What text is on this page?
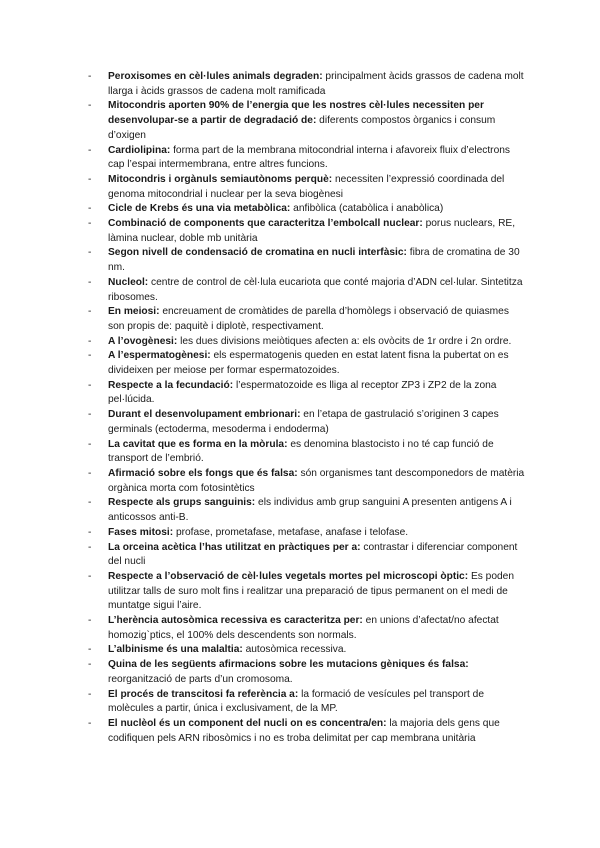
- Peroxisomes en cèl·lules animals degraden: principalment àcids grassos de cadena molt llarga i àcids grassos de cadena molt ramificada

- Mitocondris aporten 90% de l’energia que les nostres cèl·lules necessiten per desenvolupar-se a partir de degradació de: diferents compostos òrganics i consum d’oxigen

- Cardiolipina: forma part de la membrana mitocondrial interna i afavoreix fluix d’electrons cap l’espai intermembrana, entre altres funcions.

- Mitocondris i orgànuls semiautònoms perquè: necessiten l’expressió coordinada del genoma mitocondrial i nuclear per la seva biogènesi

- Cicle de Krebs és una via metabòlica: anfibòlica (catabòlica i anabòlica)

- Combinació de components que caracteritza l’embolcall nuclear: porus nuclears, RE, làmina nuclear, doble mb unitària

- Segon nivell de condensació de cromatina en nucli interfàsic: fibra de cromatina de 30 nm.

- Nucleol: centre de control de cèl·lula eucariota que conté majoria d’ADN cel·lular. Sintetitza ribosomes.

- En meiosi: encreuament de cromàtides de parella d’homòlegs i observació de quiasmes son propis de: paquitè i diplotè, respectivament.

- A l’ovogènesi: les dues divisions meiòtiques afecten a: els ovòcits de 1r ordre i 2n ordre.

- A l’espermatogènesi: els espermatogenis queden en estat latent fisna la pubertat on es divideixen per meiose per formar espermatozoides.

- Respecte a la fecundació: l’espermatozoide es lliga al receptor ZP3 i ZP2 de la zona pel·lúcida.

- Durant el desenvolupament embrionari: en l’etapa de gastrulació s’originen 3 capes germinals (ectoderma, mesoderma i endoderma)

- La cavitat que es forma en la mòrula: es denomina blastocisto i no té cap funció de transport de l’embrió.

- Afirmació sobre els fongs que és falsa: són organismes tant descomponedors de matèria orgànica morta com fotosintètics

- Respecte als grups sanguinis: els individus amb grup sanguini A presenten antigens A i anticossos anti-B.

- Fases mitosi: profase, prometafase, metafase, anafase i telofase.

- La orceina acètica l’has utilitzat en pràctiques per a: contrastar i diferenciar component del nucli

- Respecte a l’observació de cèl·lules vegetals mortes pel microscopi òptic: Es poden utilitzar talls de suro molt fins i realitzar una preparació de tipus permanent on el medi de muntatge sigui l’aire.

- L’herència autosòmica recessiva es caracteritza per: en unions d’afectat/no afectat homozig`ptics, el 100% dels descendents son normals.

- L’albinisme és una malaltia: autosòmica recessiva.

- Quina de les següents afirmacions sobre les mutacions gèniques és falsa: reorganització de parts d’un cromosoma.

- El procés de transcitosi fa referència a: la formació de vesícules pel transport de molècules a partir, única i exclusivament, de la MP.

- El nuclèol és un component del nucli on es concentra/en: la majoria dels gens que codifiquen pels ARN ribosòmics i no es troba delimitat per cap membrana unitària
